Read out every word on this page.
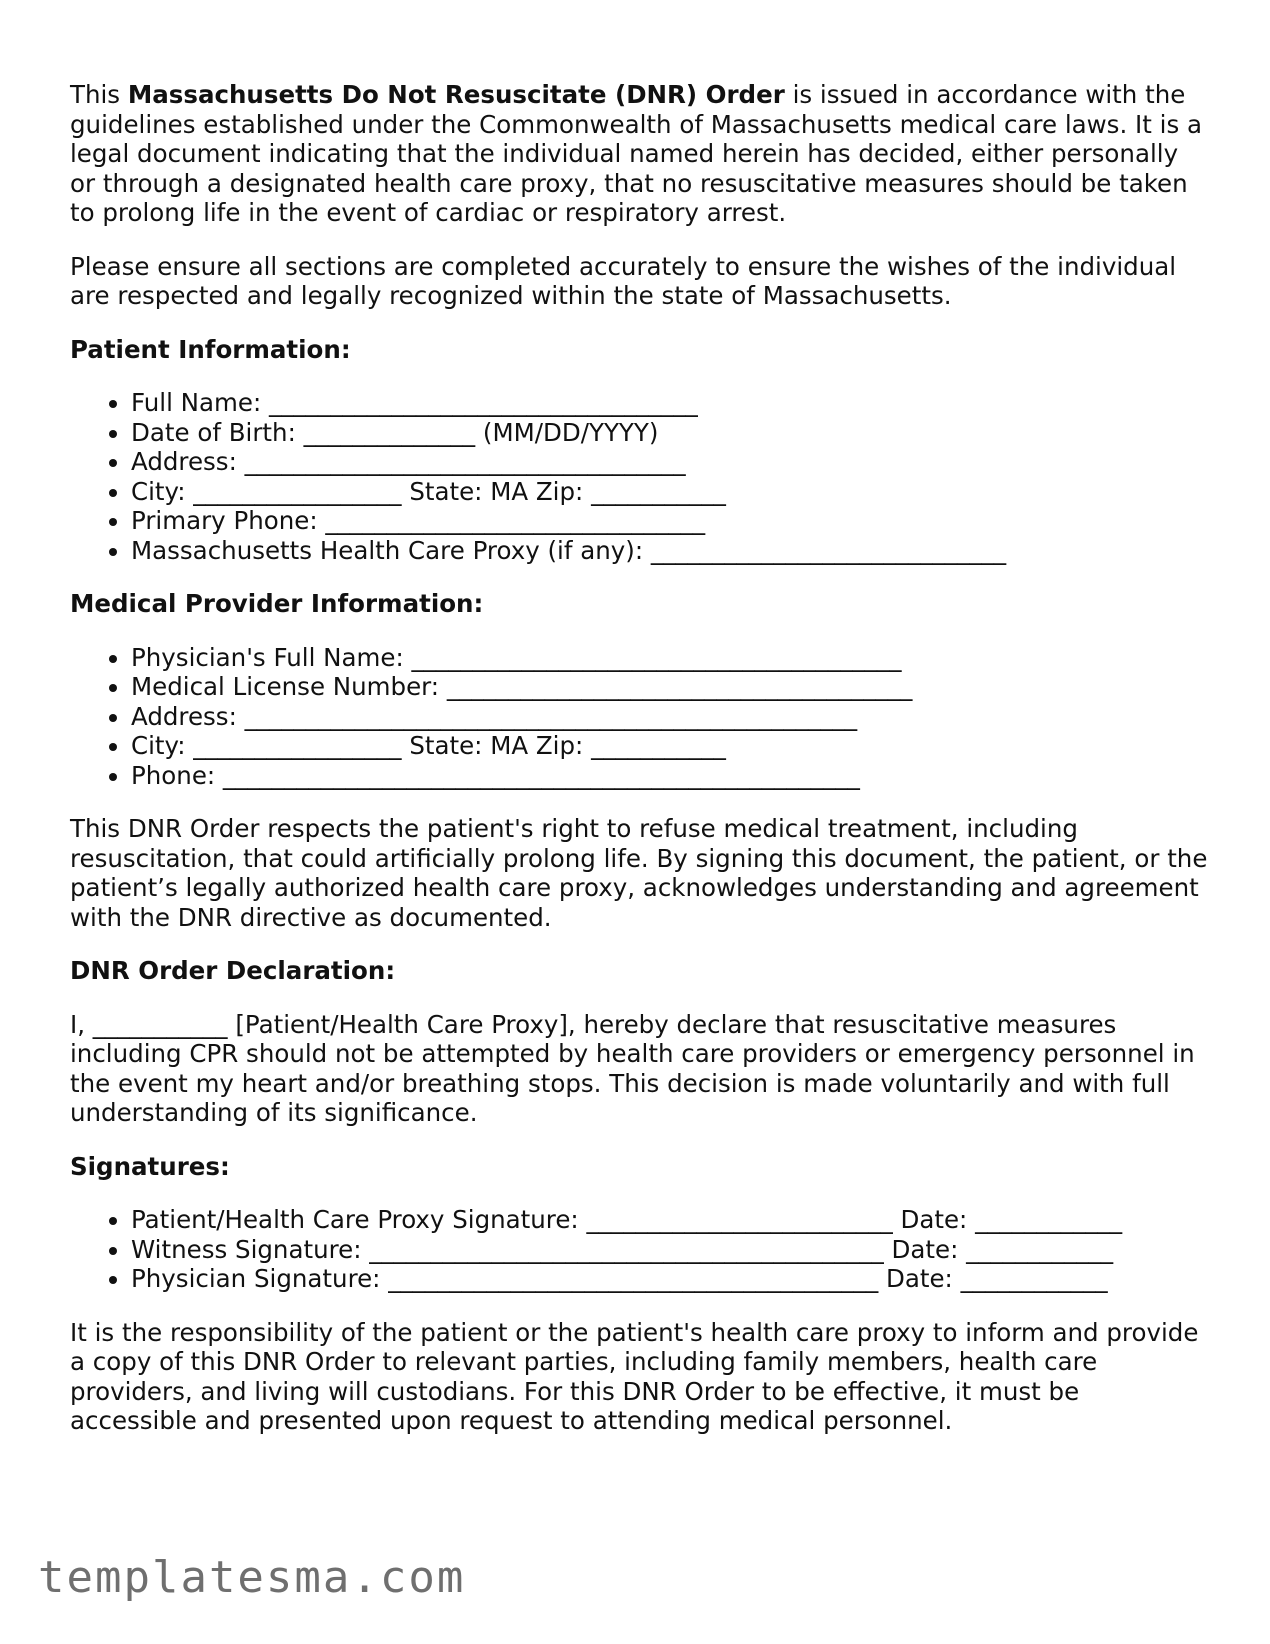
This Massachusetts Do Not Resuscitate (DNR) Order is issued in accordance with the guidelines established under the Commonwealth of Massachusetts medical care laws. It is a legal document indicating that the individual named herein has decided, either personally or through a designated health care proxy, that no resuscitative measures should be taken to prolong life in the event of cardiac or respiratory arrest.

Please ensure all sections are completed accurately to ensure the wishes of the individual are respected and legally recognized within the state of Massachusetts.

Patient Information:
• Full Name: ___________________________________
• Date of Birth: ______________ (MM/DD/YYYY)
• Address: ____________________________________
• City: _________________ State: MA Zip: ___________
• Primary Phone: _______________________________
• Massachusetts Health Care Proxy (if any): _____________________________
Medical Provider Information:
• Physician's Full Name: ________________________________________
• Medical License Number: ______________________________________
• Address: __________________________________________________
• City: _________________ State: MA Zip: ___________
• Phone: ____________________________________________________

This DNR Order respects the patient's right to refuse medical treatment, including resuscitation, that could artificially prolong life. By signing this document, the patient, or the patient’s legally authorized health care proxy, acknowledges understanding and agreement with the DNR directive as documented.

DNR Order Declaration:

I, ___________ [Patient/Health Care Proxy], hereby declare that resuscitative measures including CPR should not be attempted by health care providers or emergency personnel in the event my heart and/or breathing stops. This decision is made voluntarily and with full understanding of its significance.

Signatures:
• Patient/Health Care Proxy Signature: _________________________ Date: ____________
• Witness Signature: __________________________________________ Date: ____________
• Physician Signature: ________________________________________ Date: ____________

It is the responsibility of the patient or the patient's health care proxy to inform and provide a copy of this DNR Order to relevant parties, including family members, health care providers, and living will custodians. For this DNR Order to be effective, it must be accessible and presented upon request to attending medical personnel.

templatesma.com
